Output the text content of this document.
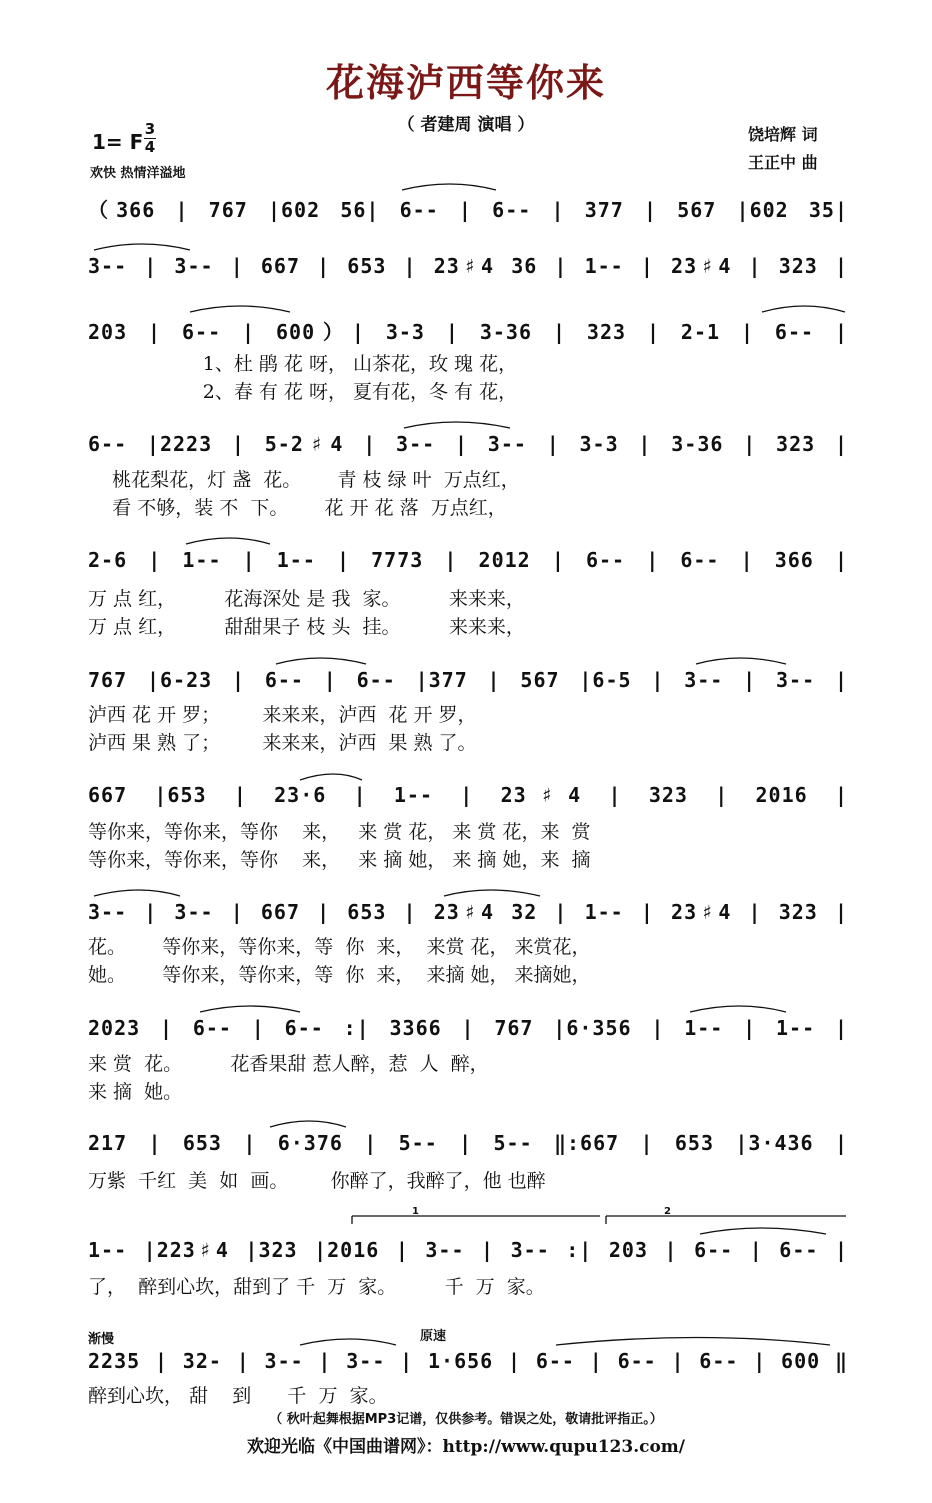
花海泸西等你来
（ 者建周 演唱 ）
1= F
3
4
欢快 热情洋溢地
饶培辉 词
王正中 曲
（366 | 767 |602 56| 6-- | 6-- | 377 | 567 |602 35|
3-- | 3-- | 667 | 653 | 23♯4 36 | 1-- | 23♯4 | 323 |
203 | 6-- | 600）| 3-3 | 3-36 | 323 | 2-1 | 6-- |
1、杜 鹃 花 呀， 山茶花，玫 瑰 花，
2、春 有 花 呀， 夏有花，冬 有 花，
6-- |2223 | 5-2♯4 | 3-- | 3-- | 3-3 | 3-36 | 323 |
桃花梨花，灯 盏  花。      青 枝 绿 叶  万点红，
看 不够，装 不  下。      花 开 花 落  万点红，
2-6 | 1-- | 1-- | 7773 | 2012 | 6-- | 6-- | 366 |
万 点 红，        花海深处 是 我  家。        来来来，
万 点 红，        甜甜果子 枝 头  挂。        来来来，
767 |6-23 | 6-- | 6-- |377 | 567 |6-5 | 3-- | 3-- |
泸西 花 开 罗；       来来来，泸西  花 开 罗，
泸西 果 熟 了；       来来来，泸西  果 熟 了。
667 |653 | 23·6 | 1-- | 23♯4 | 323 | 2016 |
等你来，等你来，等你    来，   来 赏 花， 来 赏 花，来  赏
等你来，等你来，等你    来，   来 摘 她， 来 摘 她，来  摘
3-- | 3-- | 667 | 653 | 23♯4 32 | 1-- | 23♯4 | 323 |
花。      等你来，等你来，等  你  来，  来赏 花， 来赏花，
她。      等你来，等你来，等  你  来，  来摘 她， 来摘她，
2023 | 6-- | 6-- :| 3366 | 767 |6·356 | 1-- | 1-- |
来 赏  花。        花香果甜 惹人醉，惹  人  醉，
来 摘  她。
217 | 653 | 6·376 | 5-- | 5-- ‖:667 | 653 |3·436 |
万紫  千红  美  如  画。       你醉了，我醉了，他 也醉
1	2
1-- |223♯4 |323 |2016 | 3-- | 3-- :| 203 | 6-- | 6-- |
了，  醉到心坎，甜到了 千  万  家。        千  万  家。
渐慢	原速
2235 | 32- | 3-- | 3-- | 1·656 | 6-- | 6-- | 6-- | 600 ‖
醉到心坎， 甜    到      千  万  家。
（ 秋叶起舞根据MP3记谱，仅供参考。错误之处，敬请批评指正。）
欢迎光临《中国曲谱网》：http://www.qupu123.com/
